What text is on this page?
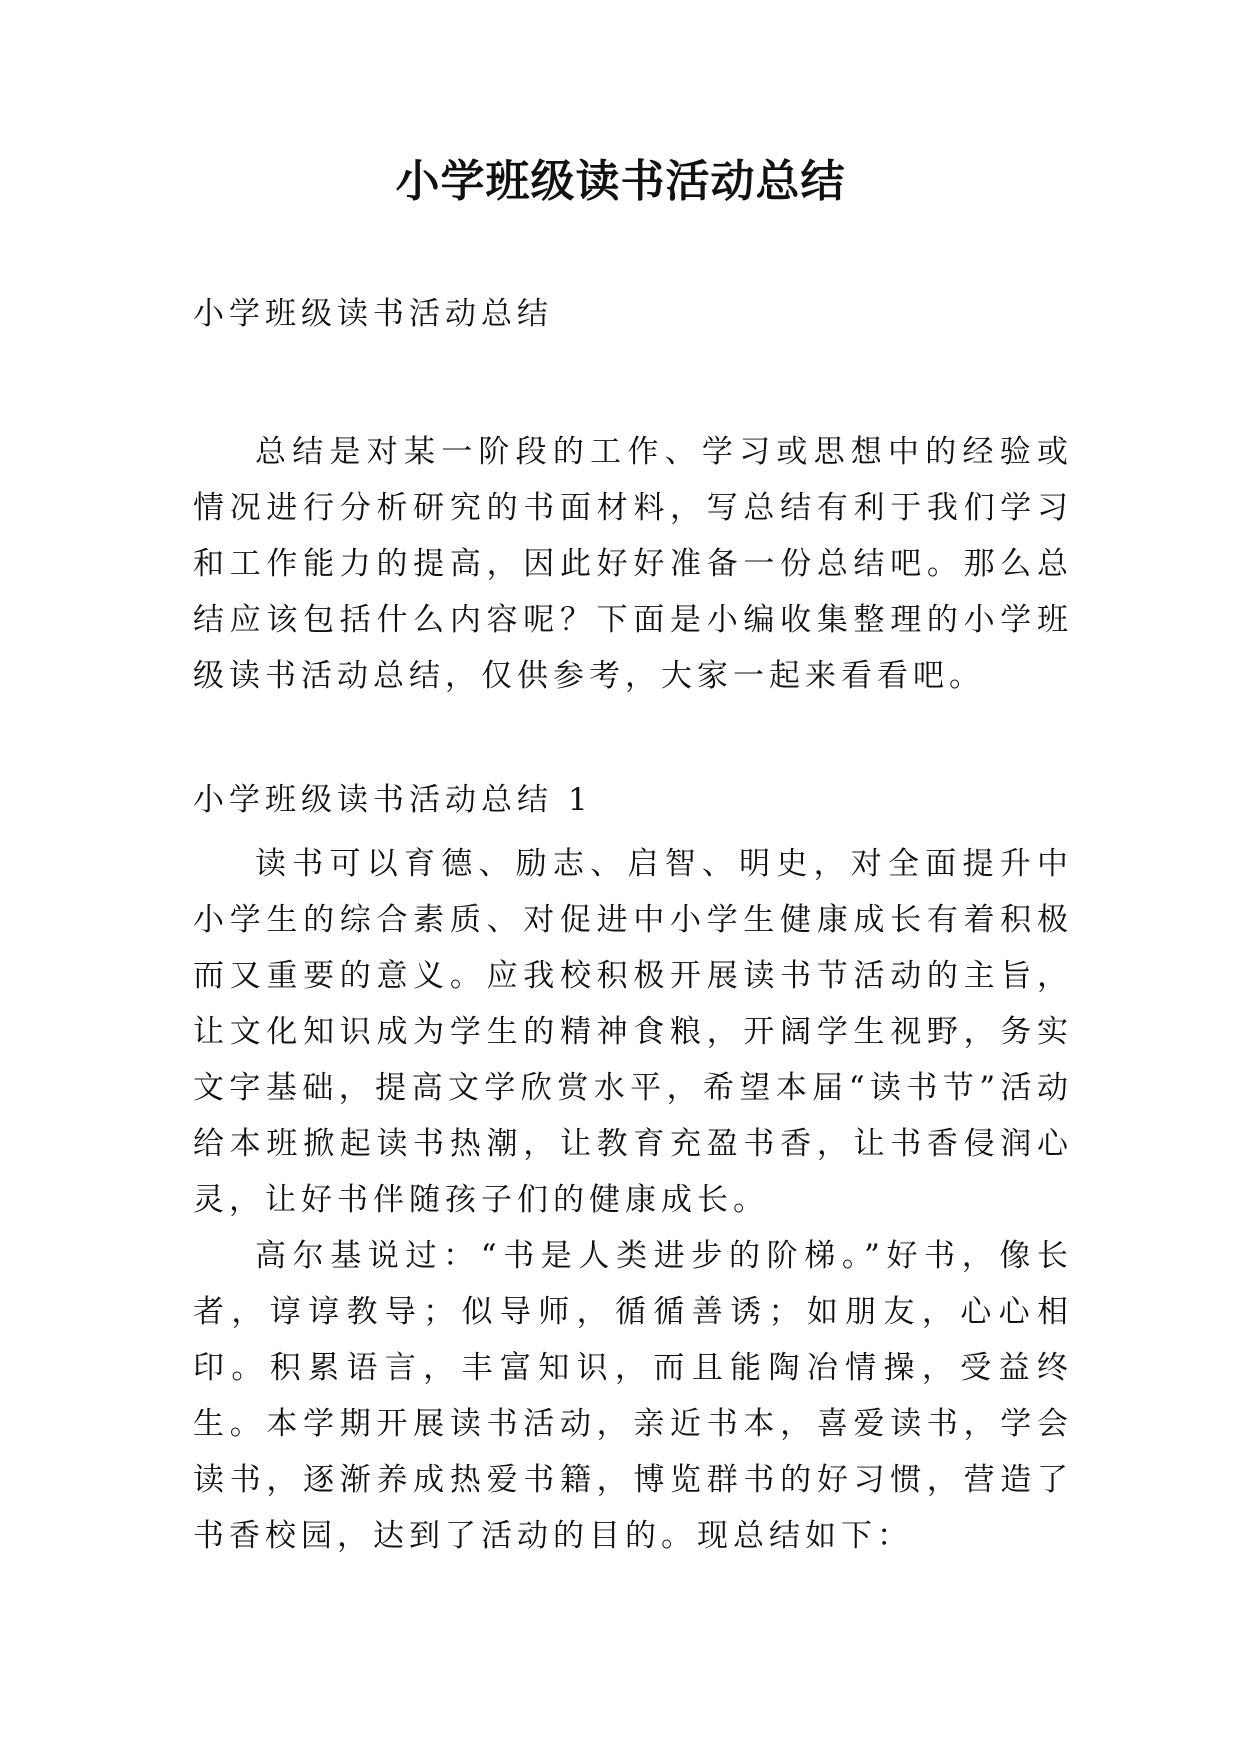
小学班级读书活动总结

小学班级读书活动总结

总结是对某一阶段的工作、学习或思想中的经验或情况进行分析研究的书面材料，写总结有利于我们学习和工作能力的提高，因此好好准备一份总结吧。那么总结应该包括什么内容呢？下面是小编收集整理的小学班级读书活动总结，仅供参考，大家一起来看看吧。

小学班级读书活动总结 1

读书可以育德、励志、启智、明史，对全面提升中小学生的综合素质、对促进中小学生健康成长有着积极而又重要的意义。应我校积极开展读书节活动的主旨，让文化知识成为学生的精神食粮，开阔学生视野，务实文字基础，提高文学欣赏水平，希望本届“读书节”活动给本班掀起读书热潮，让教育充盈书香，让书香侵润心灵，让好书伴随孩子们的健康成长。

高尔基说过：“书是人类进步的阶梯。”好书，像长者，谆谆教导；似导师，循循善诱；如朋友，心心相印。积累语言，丰富知识，而且能陶冶情操，受益终生。本学期开展读书活动，亲近书本，喜爱读书，学会读书，逐渐养成热爱书籍，博览群书的好习惯，营造了书香校园，达到了活动的目的。现总结如下：
